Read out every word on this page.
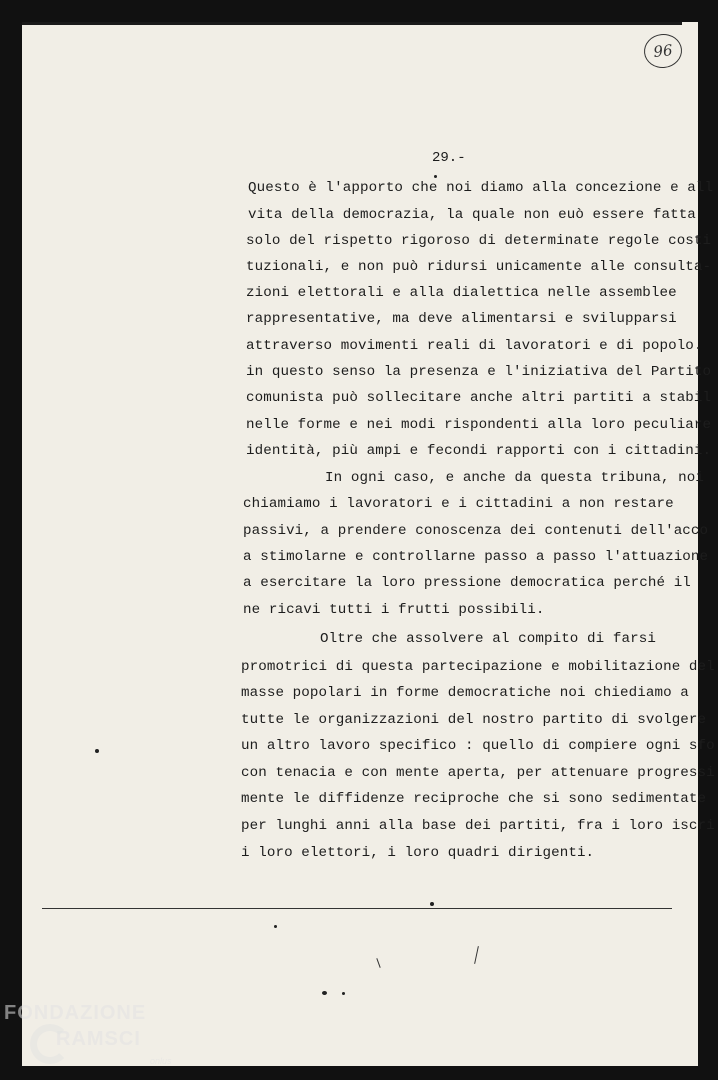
96
29.-
Questo è l'apporto che noi diamo alla concezione e all
vita della democrazia, la quale non euò essere fatta
solo del rispetto rigoroso di determinate regole costi
tuzionali, e non può ridursi unicamente alle consulta-
zioni elettorali e alla dialettica nelle assemblee
rappresentative, ma deve alimentarsi e svilupparsi
attraverso movimenti reali di lavoratori e di popolo.
in questo senso la presenza e l'iniziativa del Partito
comunista può sollecitare anche altri partiti a stabil
nelle forme e nei modi rispondenti alla loro peculiare
identità, più ampi e fecondi rapporti con i cittadini.
In ogni caso, e anche da questa tribuna, noi
chiamiamo i lavoratori e i cittadini a non restare
passivi, a prendere conoscenza dei contenuti dell'acco
a stimolarne e controllarne passo a passo l'attuazione
a esercitare la loro pressione democratica perché il
ne ricavi tutti i frutti possibili.
Oltre che assolvere al compito di farsi
promotrici di questa partecipazione e mobilitazione del
masse popolari in forme democratiche noi chiediamo a
tutte le organizzazioni del nostro partito di svolgere
un altro lavoro specifico : quello di compiere ogni sfo
con tenacia e con mente aperta, per attenuare progressi
mente le diffidenze reciproche che si sono sedimentate
per lunghi anni alla base dei partiti, fra i loro iscri
i loro elettori, i loro quadri dirigenti.
FONDAZIONE
RAMSCI
onlus
